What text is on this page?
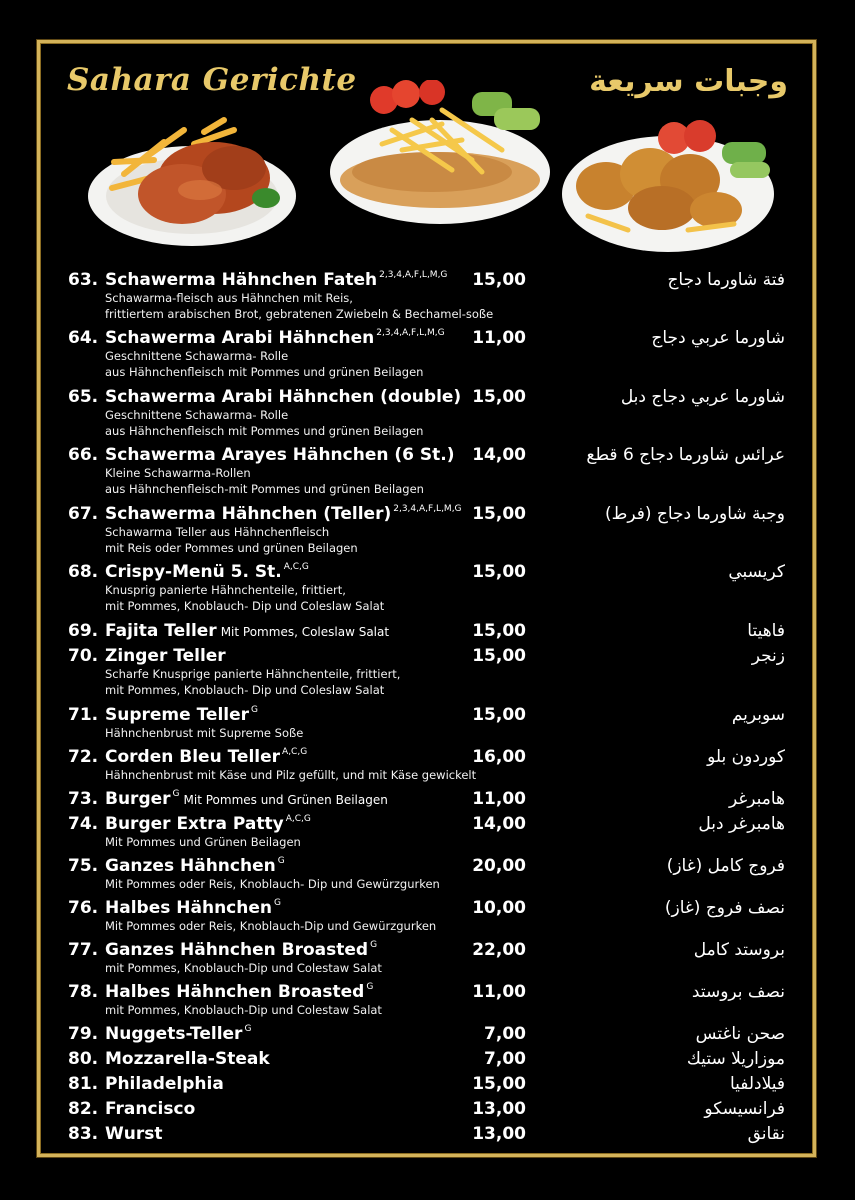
Sahara Gerichte	وجبات سريعة
63. Schawerma Hähnchen Fateh $^{2,3,4,A,F,L,M,G}$	15,00	فتة شاورما دجاج
Schawarma-fleisch aus Hähnchen mit Reis,
frittiertem arabischen Brot, gebratenen Zwiebeln & Bechamel-soße
64. Schawerma Arabi Hähnchen $^{2,3,4,A,F,L,M,G}$	11,00	شاورما عربي دجاج
Geschnittene Schawarma- Rolle
aus Hähnchenfleisch mit Pommes und grünen Beilagen
65. Schawerma Arabi Hähnchen (double) 15,00	شاورما عربي دجاج دبل
Geschnittene Schawarma- Rolle
aus Hähnchenfleisch mit Pommes und grünen Beilagen
66. Schawerma Arayes Hähnchen (6 St.)	14,00	عرائس شاورما دجاج 6 قطع
Kleine Schawarma-Rollen
aus Hähnchenfleisch-mit Pommes und grünen Beilagen
67. Schawerma Hähnchen (Teller) $^{2,3,4,A,F,L,M,G}$ 15,00	وجبة شاورما دجاج (فرط)
Schawarma Teller aus Hähnchenfleisch
mit Reis oder Pommes und grünen Beilagen
68. Crispy-Menü 5. St. $^{A,C,G}$	15,00	كريسبي
Knusprig panierte Hähnchenteile, frittiert,
mit Pommes, Knoblauch- Dip und Coleslaw Salat
69. Fajita Teller Mit Pommes, Coleslaw Salat	15,00	فاهيتا
70. Zinger Teller	15,00	زنجر
Scharfe Knusprige panierte Hähnchenteile, frittiert,
mit Pommes, Knoblauch- Dip und Coleslaw Salat
71. Supreme Teller $^G$	15,00	سوبريم
Hähnchenbrust mit Supreme Soße
72. Corden Bleu Teller $^{A,C,G}$	16,00	كوردون بلو
Hähnchenbrust mit Käse und Pilz gefüllt, und mit Käse gewickelt
73. Burger $^G$ Mit Pommes und Grünen Beilagen	11,00	هامبرغر
74. Burger Extra Patty $^{A,C,G}$	14,00	هامبرغر دبل
Mit Pommes und Grünen Beilagen
75. Ganzes Hähnchen $^G$	20,00	فروج كامل (غاز)
Mit Pommes oder Reis, Knoblauch- Dip und Gewürzgurken
76. Halbes Hähnchen $^G$	10,00	نصف فروج (غاز)
Mit Pommes oder Reis, Knoblauch-Dip und Gewürzgurken
77. Ganzes Hähnchen Broasted $^G$	22,00	بروستد كامل
mit Pommes, Knoblauch-Dip und Colestaw Salat
78. Halbes Hähnchen Broasted $^G$	11,00	نصف بروستد
mit Pommes, Knoblauch-Dip und Colestaw Salat
79. Nuggets-Teller $^G$	7,00	صحن ناغتس
80. Mozzarella-Steak	7,00	موزاريلا ستيك
81. Philadelphia	15,00	فيلادلفيا
82. Francisco	13,00	فرانسيسكو
83. Wurst	13,00	نقانق
